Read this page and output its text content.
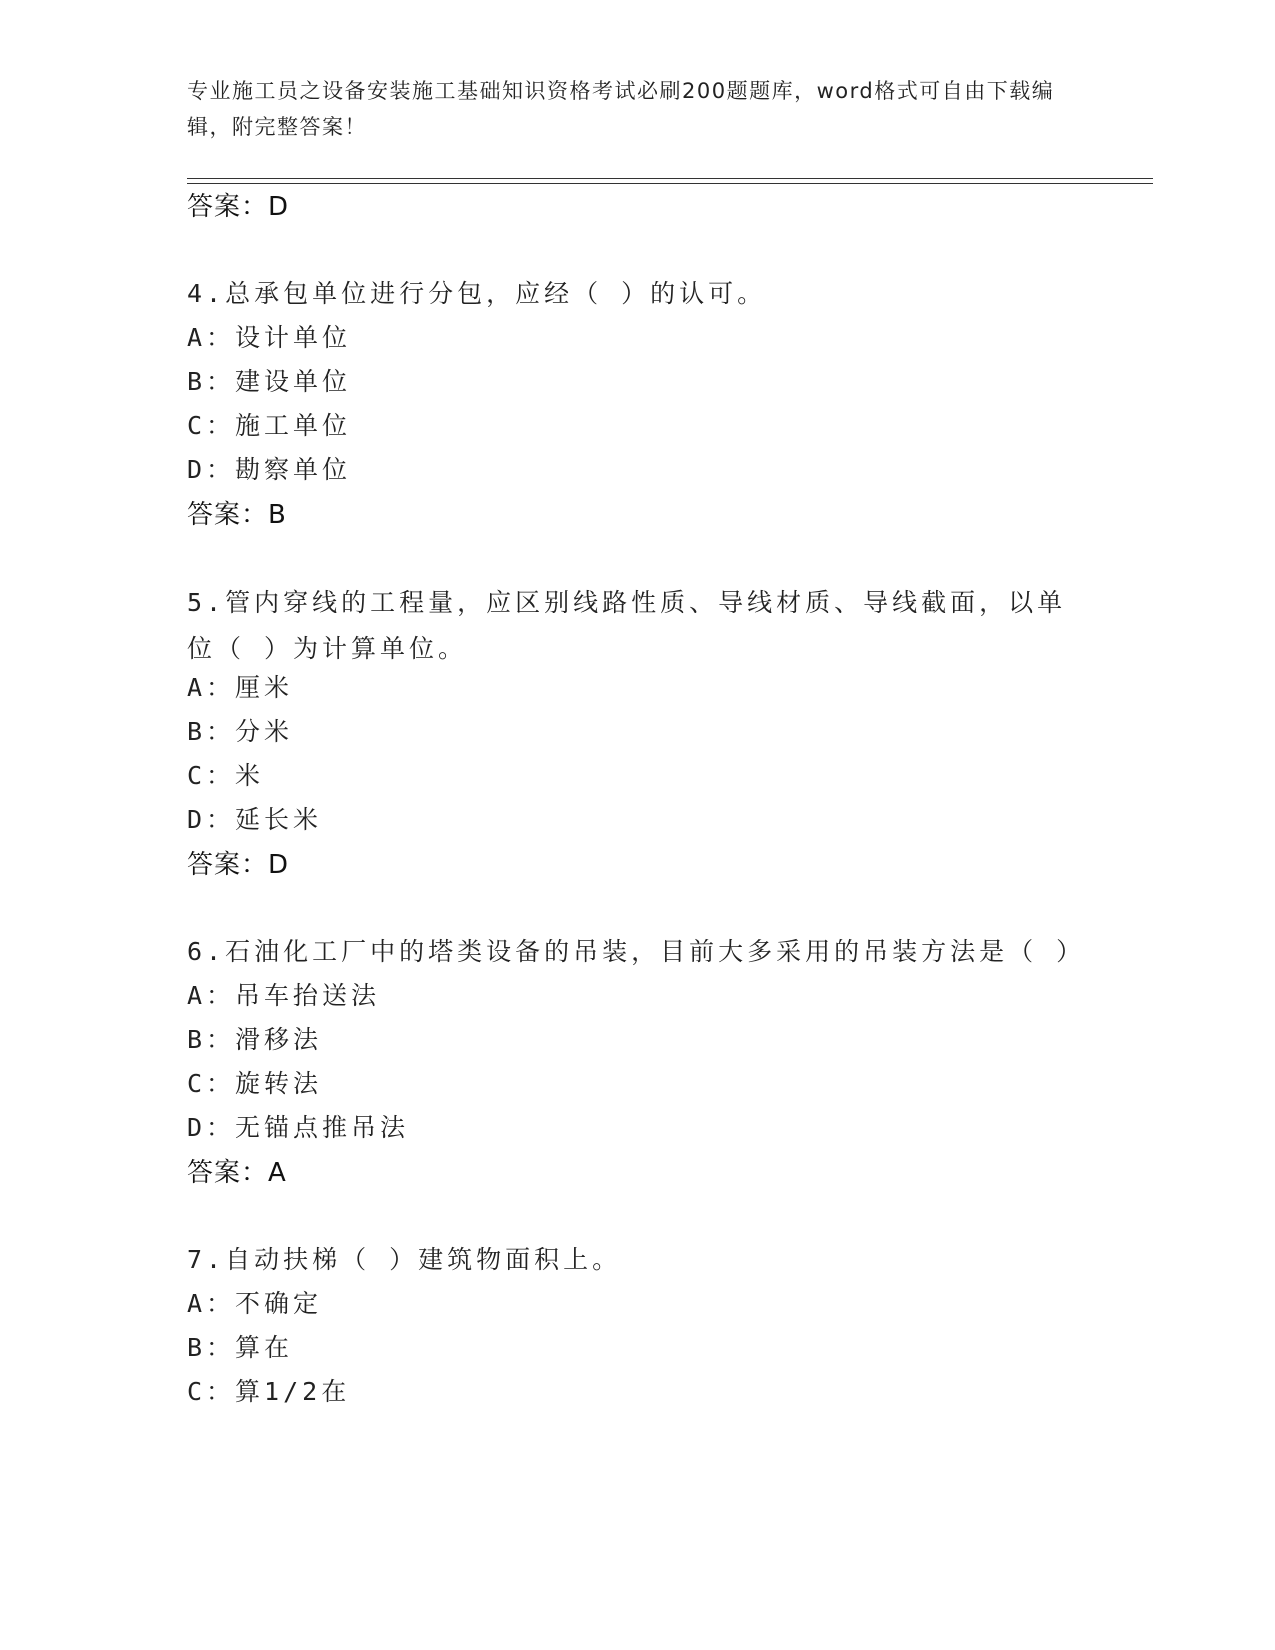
专业施工员之设备安装施工基础知识资格考试必刷200题题库，word格式可自由下载编辑，附完整答案！
答案：D
4.总承包单位进行分包，应经（ ）的认可。
A：设计单位
B：建设单位
C：施工单位
D：勘察单位
答案：B
5.管内穿线的工程量，应区别线路性质、导线材质、导线截面，以单位（ ）为计算单位。
A：厘米
B：分米
C：米
D：延长米
答案：D
6.石油化工厂中的塔类设备的吊装，目前大多采用的吊装方法是（ ）
A：吊车抬送法
B：滑移法
C：旋转法
D：无锚点推吊法
答案：A
7.自动扶梯（ ）建筑物面积上。
A：不确定
B：算在
C：算1/2在
